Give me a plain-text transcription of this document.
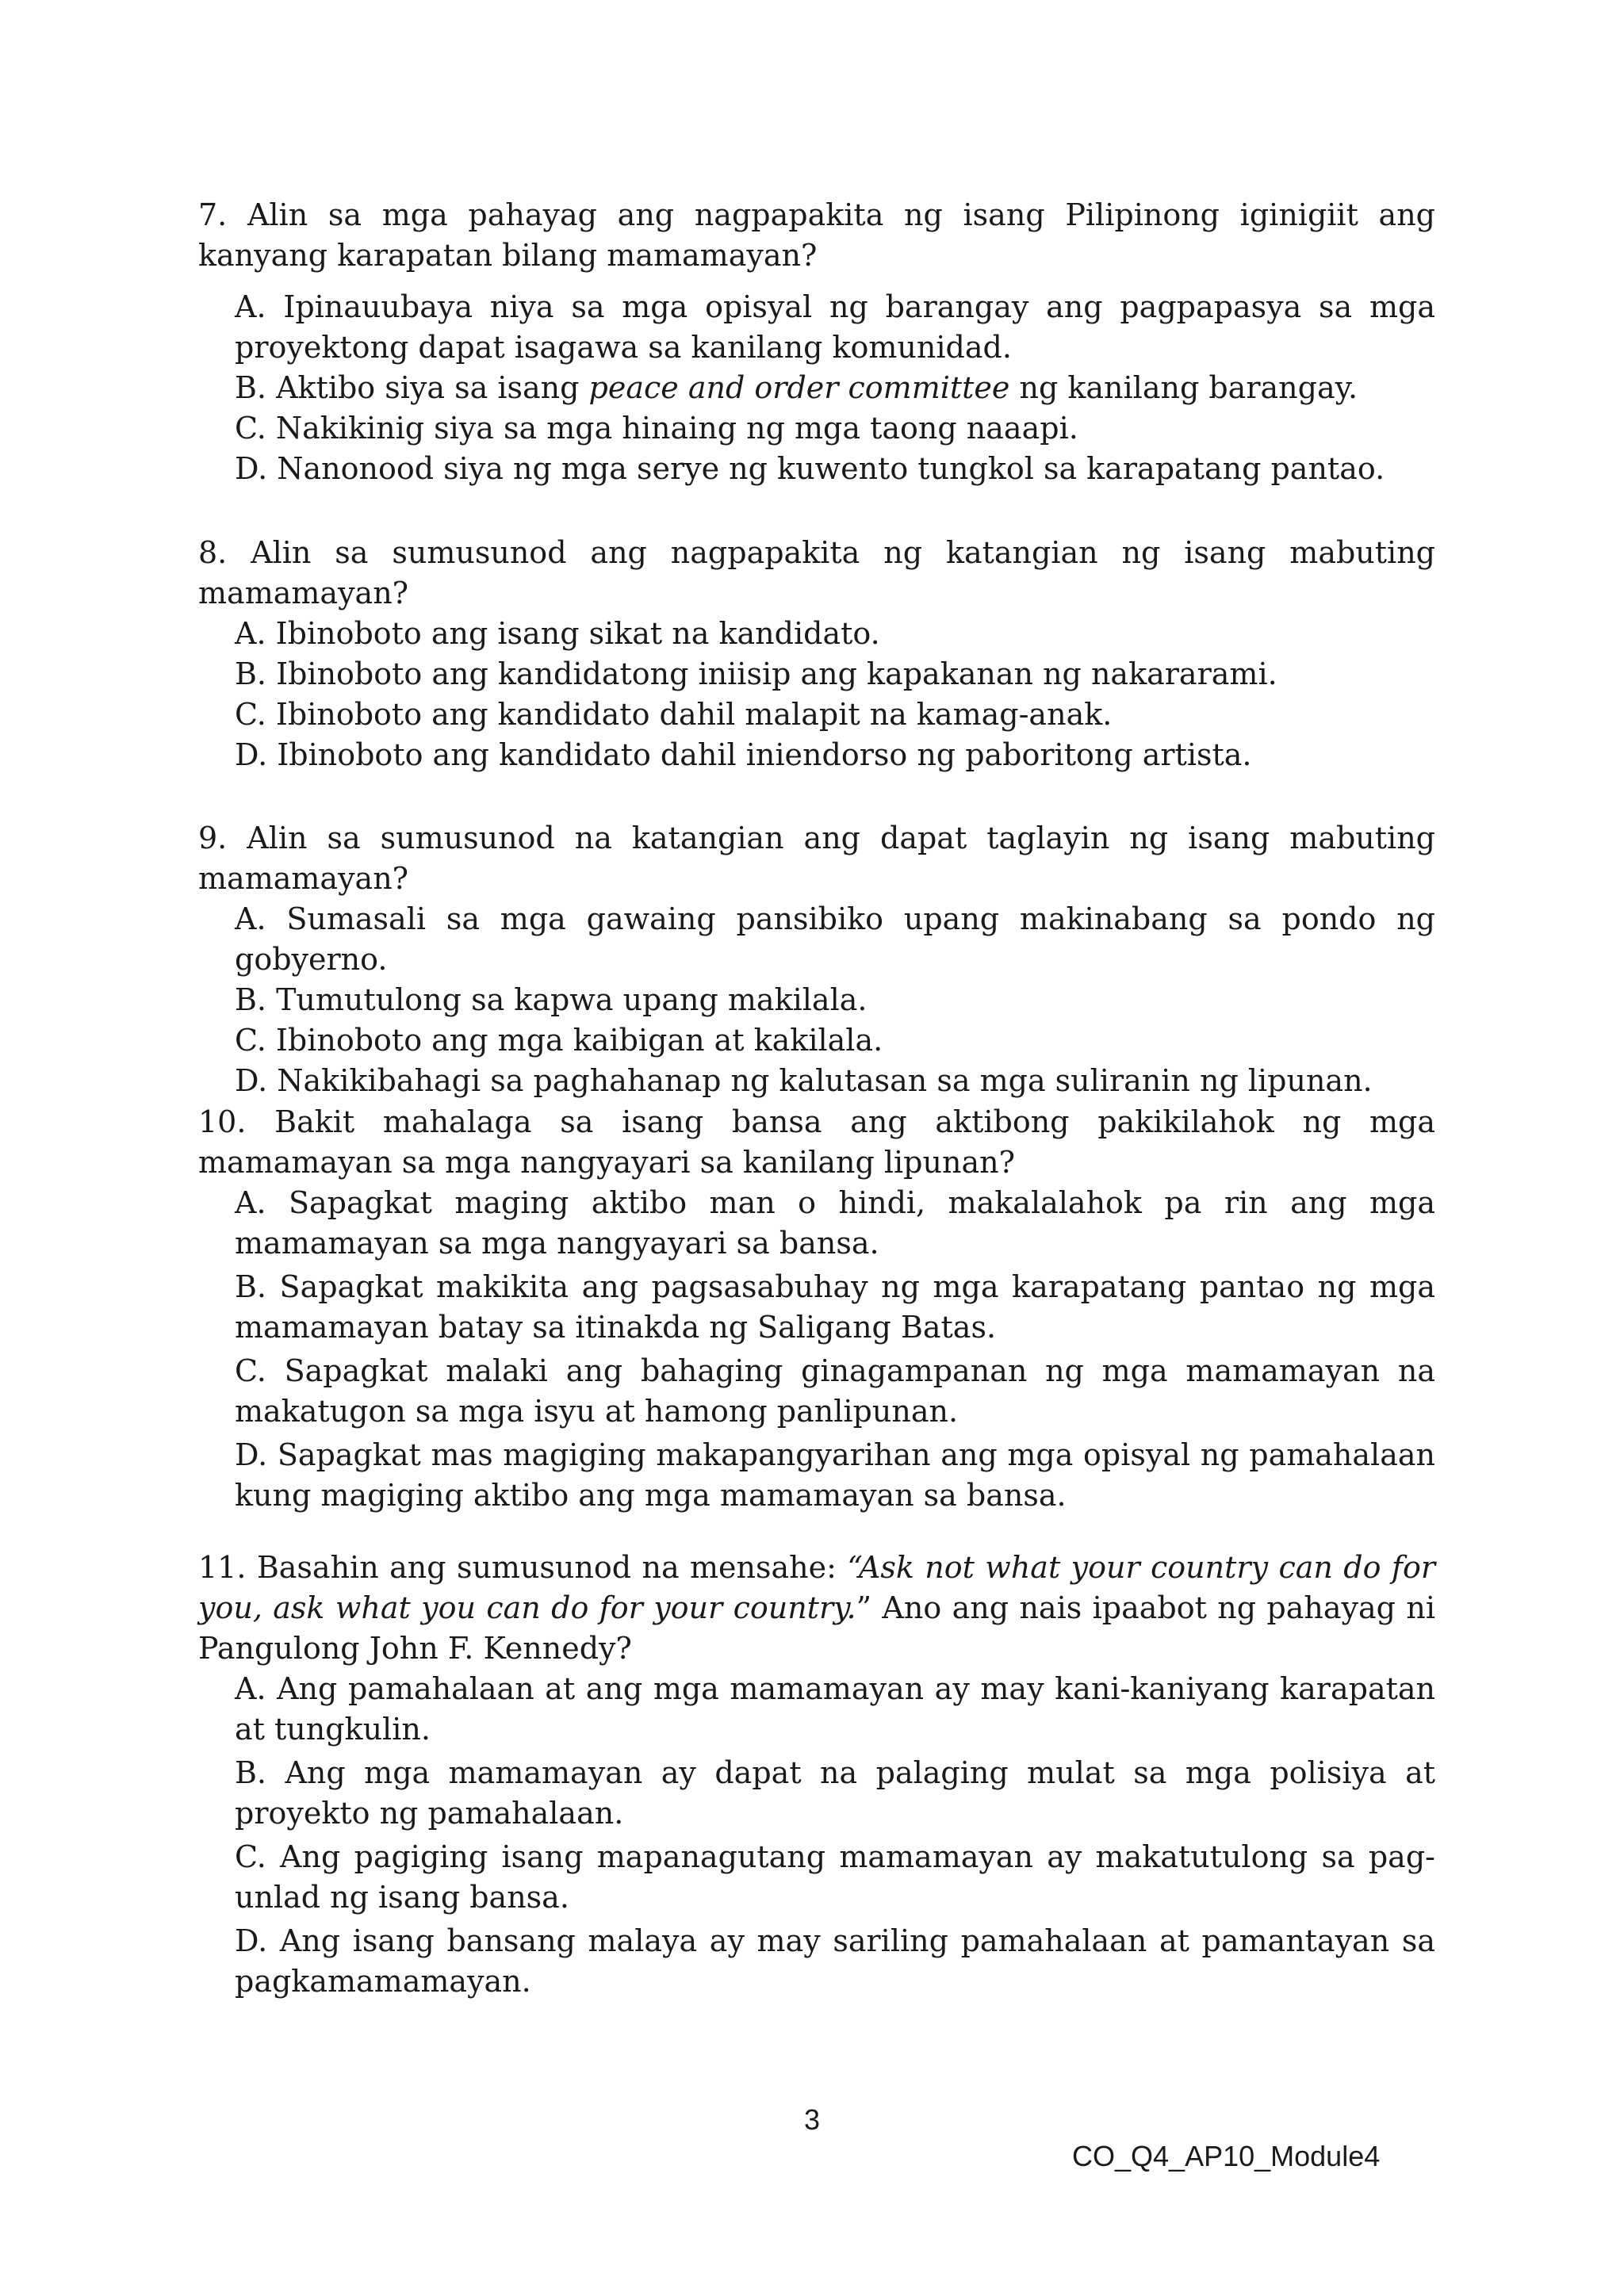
7. Alin sa mga pahayag ang nagpapakita ng isang Pilipinong iginigiit ang kanyang karapatan bilang mamamayan?

A. Ipinauubaya niya sa mga opisyal ng barangay ang pagpapasya sa mga proyektong dapat isagawa sa kanilang komunidad.
B. Aktibo siya sa isang peace and order committee ng kanilang barangay.
C. Nakikinig siya sa mga hinaing ng mga taong naaapi.
D. Nanonood siya ng mga serye ng kuwento tungkol sa karapatang pantao.

8. Alin sa sumusunod ang nagpapakita ng katangian ng isang mabuting mamamayan?

A. Ibinoboto ang isang sikat na kandidato.
B. Ibinoboto ang kandidatong iniisip ang kapakanan ng nakararami.
C. Ibinoboto ang kandidato dahil malapit na kamag-anak.
D. Ibinoboto ang kandidato dahil iniendorso ng paboritong artista.

9. Alin sa sumusunod na katangian ang dapat taglayin ng isang mabuting mamamayan?

A. Sumasali sa mga gawaing pansibiko upang makinabang sa pondo ng gobyerno.
B. Tumutulong sa kapwa upang makilala.
C. Ibinoboto ang mga kaibigan at kakilala.
D. Nakikibahagi sa paghahanap ng kalutasan sa mga suliranin ng lipunan.

10. Bakit mahalaga sa isang bansa ang aktibong pakikilahok ng mga mamamayan sa mga nangyayari sa kanilang lipunan?

A. Sapagkat maging aktibo man o hindi, makalalahok pa rin ang mga mamamayan sa mga nangyayari sa bansa.
B. Sapagkat makikita ang pagsasabuhay ng mga karapatang pantao ng mga mamamayan batay sa itinakda ng Saligang Batas.
C. Sapagkat malaki ang bahaging ginagampanan ng mga mamamayan na makatugon sa mga isyu at hamong panlipunan.
D. Sapagkat mas magiging makapangyarihan ang mga opisyal ng pamahalaan kung magiging aktibo ang mga mamamayan sa bansa.

11. Basahin ang sumusunod na mensahe: “Ask not what your country can do for you, ask what you can do for your country.” Ano ang nais ipaabot ng pahayag ni Pangulong John F. Kennedy?

A. Ang pamahalaan at ang mga mamamayan ay may kani-kaniyang karapatan at tungkulin.
B. Ang mga mamamayan ay dapat na palaging mulat sa mga polisiya at proyekto ng pamahalaan.
C. Ang pagiging isang mapanagutang mamamayan ay makatutulong sa pag-unlad ng isang bansa.
D. Ang isang bansang malaya ay may sariling pamahalaan at pamantayan sa pagkamamamayan.
3
CO_Q4_AP10_Module4
